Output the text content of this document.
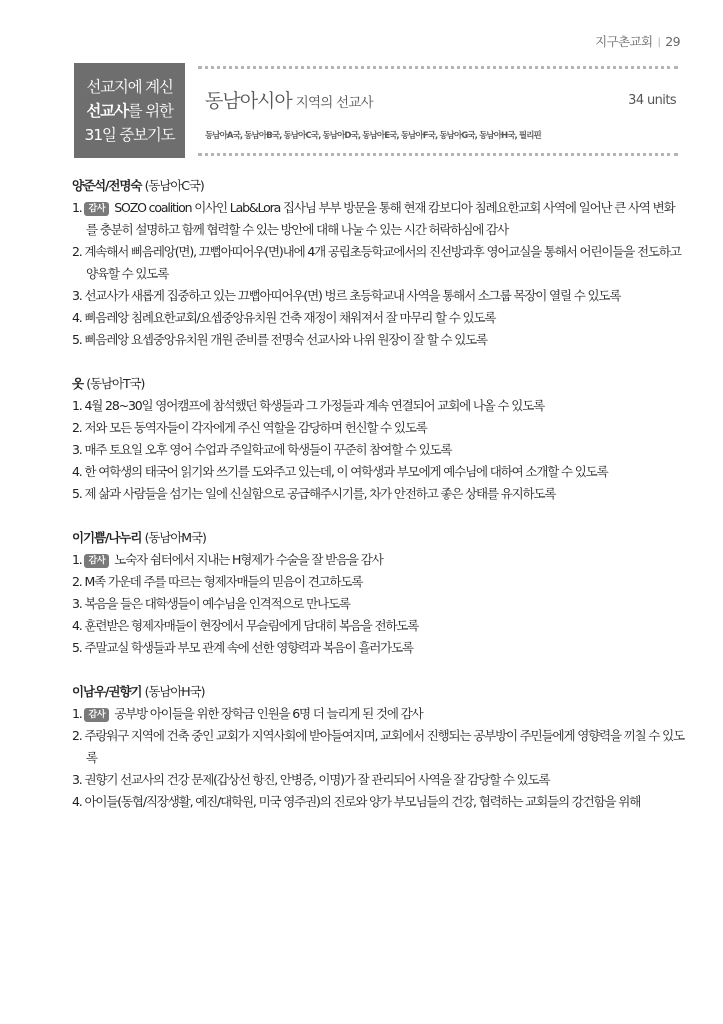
지구촌교회 | 29
선교지에 계신
선교사를 위한
31일 중보기도
동남아시아 지역의 선교사	34 units
동남아A국, 동남아B국, 동남아C국, 동남아D국, 동남아E국, 동남아F국, 동남아G국, 동남아H국, 필리핀
양준석/전명숙 (동남아C국)
1. 감사 SOZO coalition 이사인 Lab&Lora 집사님 부부 방문을 통해 현재 캄보디아 침례요한교회 사역에 일어난 큰 사역 변화를 충분히 설명하고 함께 협력할 수 있는 방안에 대해 나눌 수 있는 시간 허락하심에 감사
2. 계속해서 삐음레앙(면), 끄뻡아띠어우(면)내에 4개 공립초등학교에서의 진선방과후 영어교실을 통해서 어린이들을 전도하고 양육할 수 있도록
3. 선교사가 새롭게 집중하고 있는 끄뻡아띠어우(면) 벙르 초등학교내 사역을 통해서 소그룹 목장이 열릴 수 있도록
4. 삐음레앙 침례요한교회/요셉중앙유치원 건축 재정이 채워져서 잘 마무리 할 수 있도록
5. 삐음레앙 요셉중앙유치원 개원 준비를 전명숙 선교사와 나위 원장이 잘 할 수 있도록
옷 (동남아T국)
1. 4월 28~30일 영어캠프에 참석했던 학생들과 그 가정들과 계속 연결되어 교회에 나올 수 있도록
2. 저와 모든 동역자들이 각자에게 주신 역할을 감당하며 헌신할 수 있도록
3. 매주 토요일 오후 영어 수업과 주일학교에 학생들이 꾸준히 참여할 수 있도록
4. 한 여학생의 태국어 읽기와 쓰기를 도와주고 있는데, 이 여학생과 부모에게 예수님에 대하여 소개할 수 있도록
5. 제 삶과 사람들을 섬기는 일에 신실함으로 공급해주시기를, 차가 안전하고 좋은 상태를 유지하도록
이기쁨/나누리 (동남아M국)
1. 감사 노숙자 쉼터에서 지내는 H형제가 수술을 잘 받음을 감사
2. M족 가운데 주를 따르는 형제자매들의 믿음이 견고하도록
3. 복음을 들은 대학생들이 예수님을 인격적으로 만나도록
4. 훈련받은 형제자매들이 현장에서 무슬림에게 담대히 복음을 전하도록
5. 주말교실 학생들과 부모 관계 속에 선한 영향력과 복음이 흘러가도록
이남우/권향기 (동남아H국)
1. 감사 공부방 아이들을 위한 장학금 인원을 6명 더 늘리게 된 것에 감사
2. 주랑워구 지역에 건축 중인 교회가 지역사회에 받아들여지며, 교회에서 진행되는 공부방이 주민들에게 영향력을 끼칠 수 있도록
3. 권향기 선교사의 건강 문제(갑상선 항진, 안병증, 이명)가 잘 관리되어 사역을 잘 감당할 수 있도록
4. 아이들(동협/직장생활, 예진/대학원, 미국 영주권)의 진로와 양가 부모님들의 건강, 협력하는 교회들의 강건함을 위해
